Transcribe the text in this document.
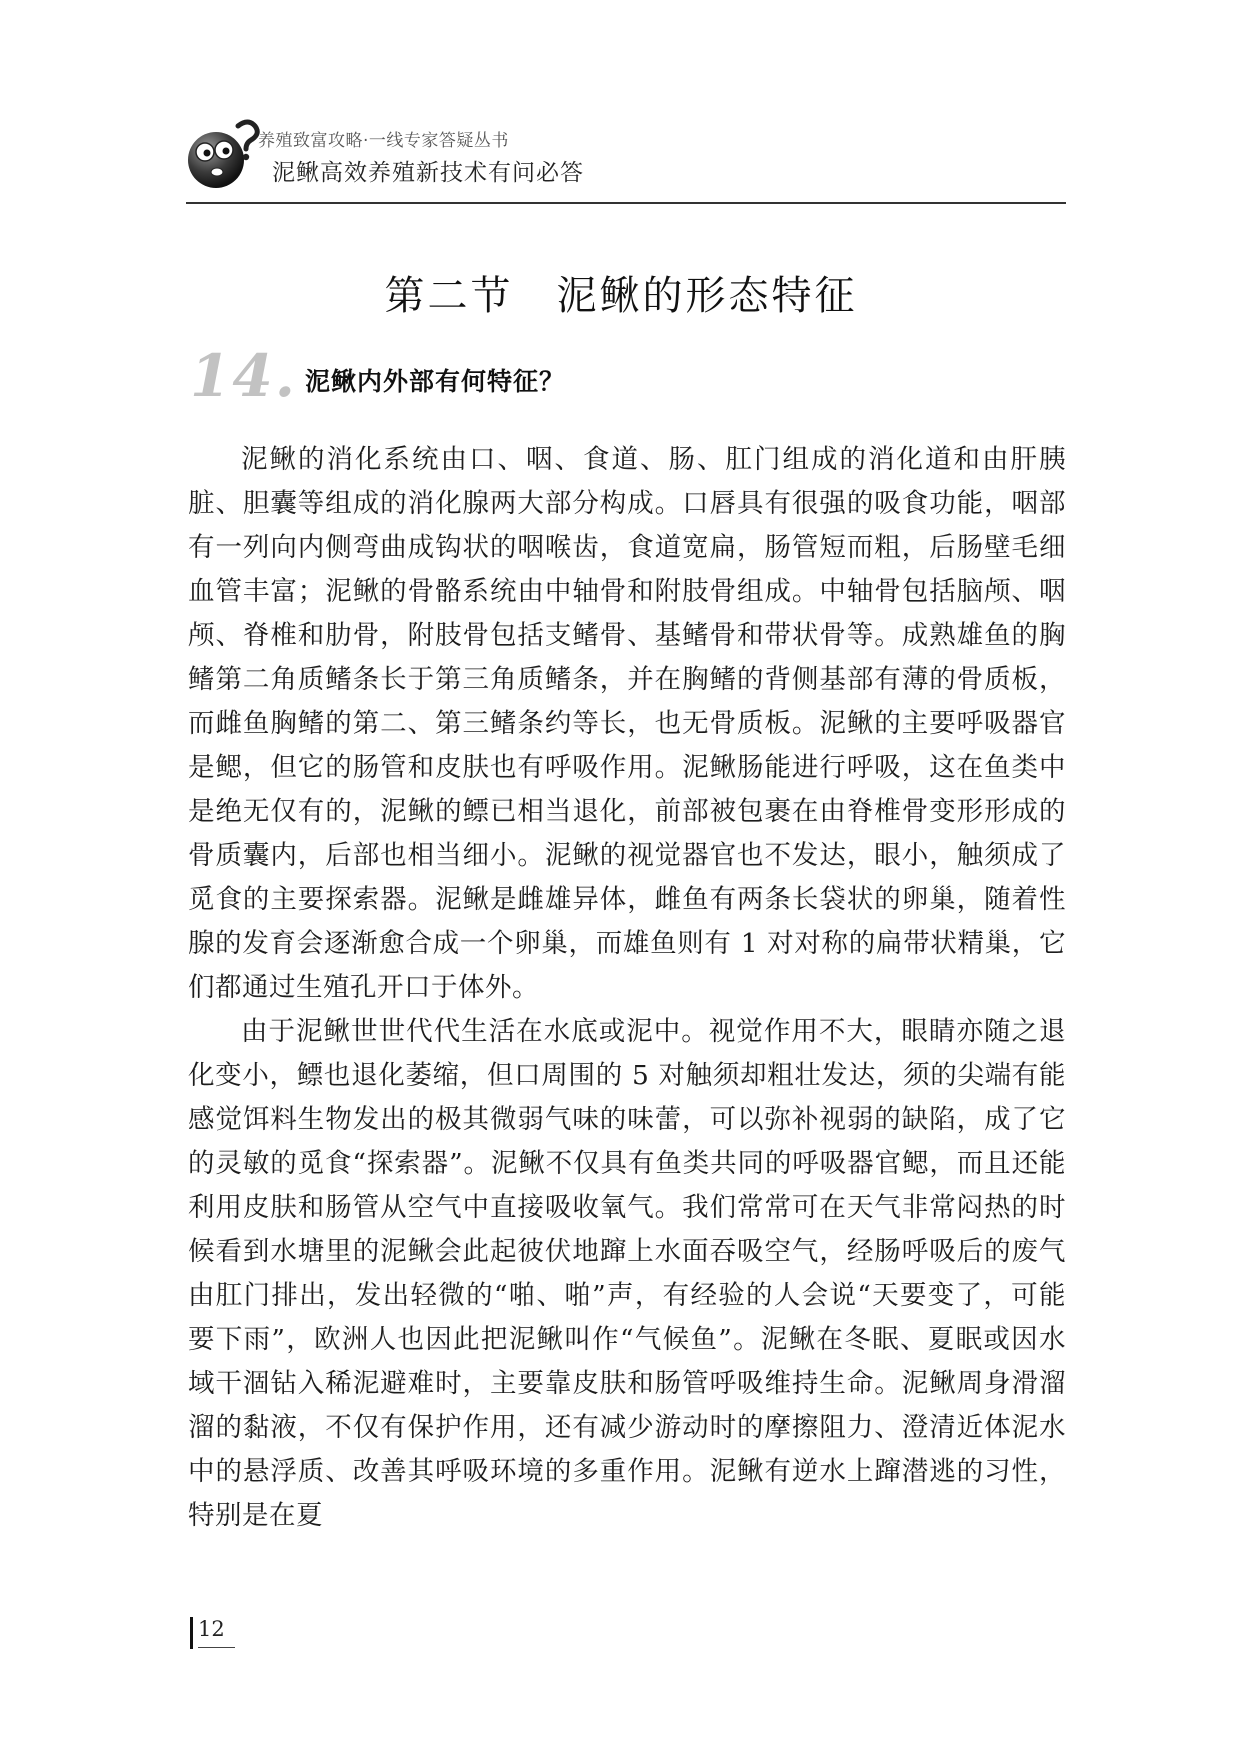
养殖致富攻略·一线专家答疑丛书
泥鳅高效养殖新技术有问必答
第二节　泥鳅的形态特征
14. 泥鳅内外部有何特征？

泥鳅的消化系统由口、咽、食道、肠、肛门组成的消化道和由肝胰脏、胆囊等组成的消化腺两大部分构成。口唇具有很强的吸食功能，咽部有一列向内侧弯曲成钩状的咽喉齿，食道宽扁，肠管短而粗，后肠壁毛细血管丰富；泥鳅的骨骼系统由中轴骨和附肢骨组成。中轴骨包括脑颅、咽颅、脊椎和肋骨，附肢骨包括支鳍骨、基鳍骨和带状骨等。成熟雄鱼的胸鳍第二角质鳍条长于第三角质鳍条，并在胸鳍的背侧基部有薄的骨质板，而雌鱼胸鳍的第二、第三鳍条约等长，也无骨质板。泥鳅的主要呼吸器官是鳃，但它的肠管和皮肤也有呼吸作用。泥鳅肠能进行呼吸，这在鱼类中是绝无仅有的，泥鳅的鳔已相当退化，前部被包裹在由脊椎骨变形形成的骨质囊内，后部也相当细小。泥鳅的视觉器官也不发达，眼小，触须成了觅食的主要探索器。泥鳅是雌雄异体，雌鱼有两条长袋状的卵巢，随着性腺的发育会逐渐愈合成一个卵巢，而雄鱼则有 1 对对称的扁带状精巢，它们都通过生殖孔开口于体外。

由于泥鳅世世代代生活在水底或泥中。视觉作用不大，眼睛亦随之退化变小，鳔也退化萎缩，但口周围的 5 对触须却粗壮发达，须的尖端有能感觉饵料生物发出的极其微弱气味的味蕾，可以弥补视弱的缺陷，成了它的灵敏的觅食“探索器”。泥鳅不仅具有鱼类共同的呼吸器官鳃，而且还能利用皮肤和肠管从空气中直接吸收氧气。我们常常可在天气非常闷热的时候看到水塘里的泥鳅会此起彼伏地蹿上水面吞吸空气，经肠呼吸后的废气由肛门排出，发出轻微的“啪、啪”声，有经验的人会说“天要变了，可能要下雨”，欧洲人也因此把泥鳅叫作“气候鱼”。泥鳅在冬眠、夏眠或因水域干涸钻入稀泥避难时，主要靠皮肤和肠管呼吸维持生命。泥鳅周身滑溜溜的黏液，不仅有保护作用，还有减少游动时的摩擦阻力、澄清近体泥水中的悬浮质、改善其呼吸环境的多重作用。泥鳅有逆水上蹿潜逃的习性，特别是在夏

12
